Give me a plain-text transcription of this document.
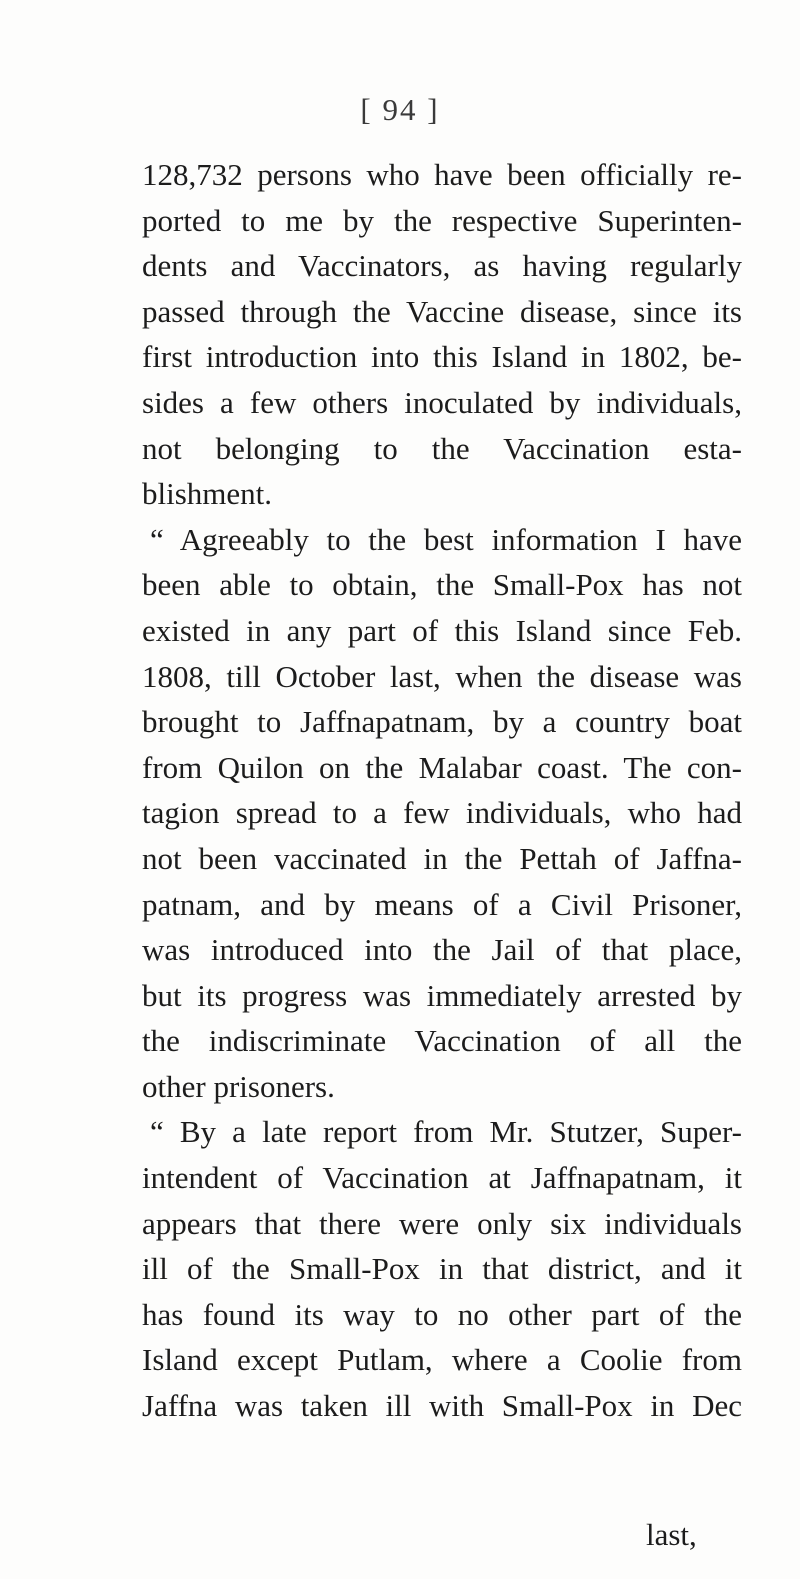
[ 94 ]
128,732 persons who have been officially re-
ported to me by the respective Superinten-
dents and Vaccinators, as having regularly
passed through the Vaccine disease, since its
first introduction into this Island in 1802, be-
sides a few others inoculated by individuals,
not belonging to the Vaccination esta-
blishment.
“ Agreeably to the best information I have
been able to obtain, the Small-Pox has not
existed in any part of this Island since Feb.
1808, till October last, when the disease was
brought to Jaffnapatnam, by a country boat
from Quilon on the Malabar coast. The con-
tagion spread to a few individuals, who had
not been vaccinated in the Pettah of Jaffna-
patnam, and by means of a Civil Prisoner,
was introduced into the Jail of that place,
but its progress was immediately arrested by
the indiscriminate Vaccination of all the
other prisoners.
“ By a late report from Mr. Stutzer, Super-
intendent of Vaccination at Jaffnapatnam, it
appears that there were only six individuals
ill of the Small-Pox in that district, and it
has found its way to no other part of the
Island except Putlam, where a Coolie from
Jaffna was taken ill with Small-Pox in Dec
last,
